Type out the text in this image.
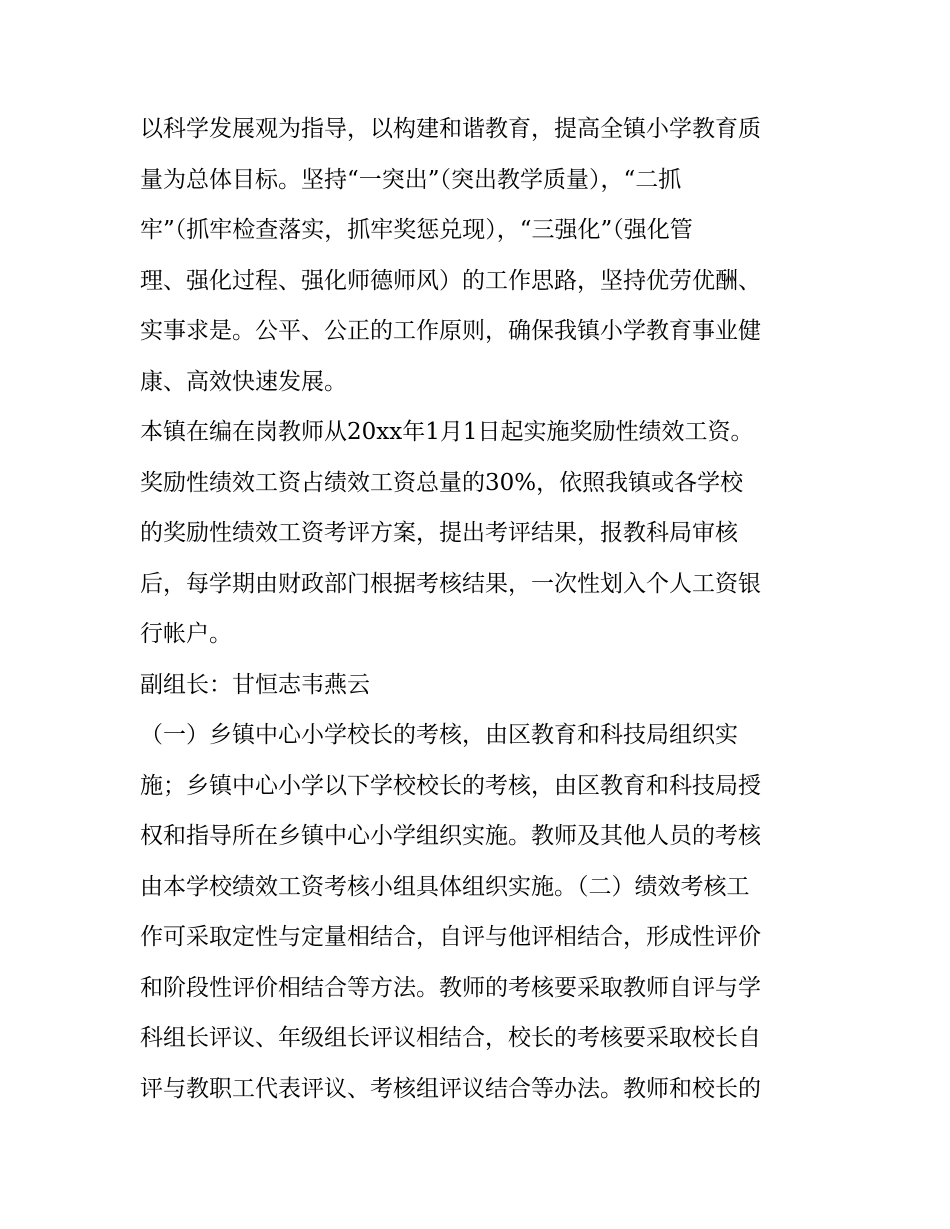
以科学发展观为指导，以构建和谐教育，提高全镇小学教育质
量为总体目标。坚持“一突出”（突出教学质量），“二抓
牢”（抓牢检查落实，抓牢奖惩兑现），“三强化”（强化管
理、强化过程、强化师德师风）的工作思路，坚持优劳优酬、
实事求是。公平、公正的工作原则，确保我镇小学教育事业健
康、高效快速发展。
本镇在编在岗教师从20xx年1月1日起实施奖励性绩效工资。
奖励性绩效工资占绩效工资总量的30%，依照我镇或各学校
的奖励性绩效工资考评方案，提出考评结果，报教科局审核
后，每学期由财政部门根据考核结果，一次性划入个人工资银
行帐户。
副组长：甘恒志韦燕云
（一）乡镇中心小学校长的考核，由区教育和科技局组织实
施；乡镇中心小学以下学校校长的考核，由区教育和科技局授
权和指导所在乡镇中心小学组织实施。教师及其他人员的考核
由本学校绩效工资考核小组具体组织实施。（二）绩效考核工
作可采取定性与定量相结合，自评与他评相结合，形成性评价
和阶段性评价相结合等方法。教师的考核要采取教师自评与学
科组长评议、年级组长评议相结合，校长的考核要采取校长自
评与教职工代表评议、考核组评议结合等办法。教师和校长的
